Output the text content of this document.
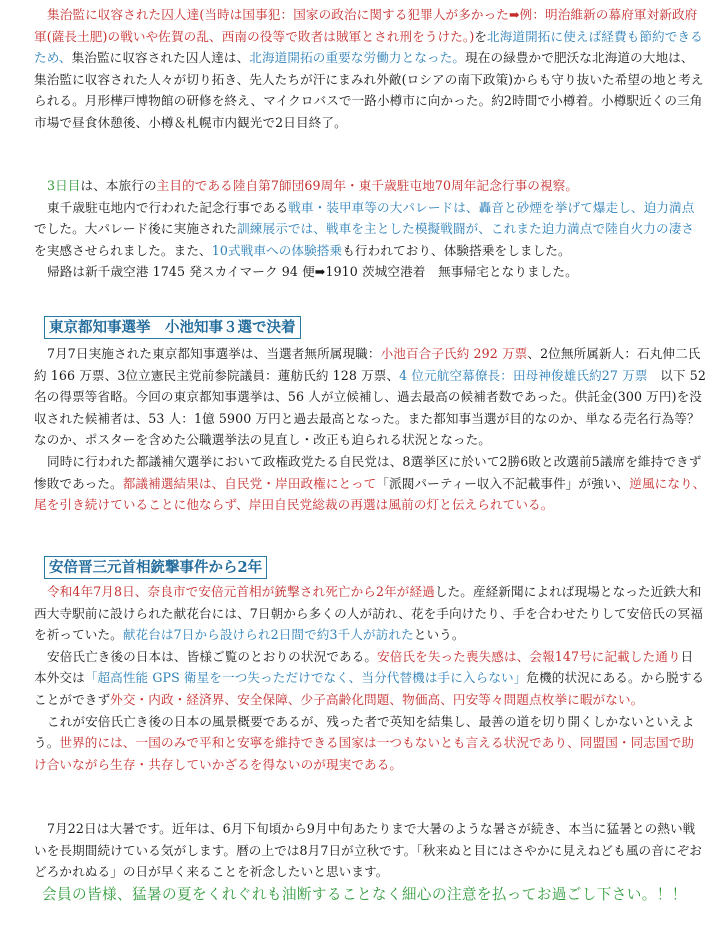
集治監に収容された囚人達(当時は国事犯：国家の政治に関する犯罪人が多かった➡例：明治維新の幕府軍対新政府軍(薩長土肥)の戦いや佐賀の乱、西南の役等で敗者は賊軍とされ刑をうけた。)を北海道開拓に使えば経費も節約できるため、集治監に収容された囚人達は、北海道開拓の重要な労働力となった。現在の緑豊かで肥沃な北海道の大地は、集治監に収容された人々が切り拓き、先人たちが汗にまみれ外敵(ロシアの南下政策)からも守り抜いた希望の地と考えられる。月形樺戸博物館の研修を終え、マイクロバスで一路小樽市に向かった。約2時間で小樽着。小樽駅近くの三角市場で昼食休憩後、小樽＆札幌市内観光で2日目終了。

3日目は、本旅行の主目的である陸自第7師団69周年・東千歳駐屯地70周年記念行事の視察。

東千歳駐屯地内で行われた記念行事である戦車・装甲車等の大パレードは、轟音と砂煙を挙げて爆走し、迫力満点でした。大パレード後に実施された訓練展示では、戦車を主とした模擬戦闘が、これまた迫力満点で陸自火力の凄さを実感させられました。また、10式戦車への体験搭乗も行われており、体験搭乗をしました。

帰路は新千歳空港 1745 発スカイマーク 94 便➡1910 茨城空港着　無事帰宅となりました。

東京都知事選挙　小池知事３選で決着

7月7日実施された東京都知事選挙は、当選者無所属現職：小池百合子氏約 292 万票、2位無所属新人：石丸伸二氏約 166 万票、3位立憲民主党前参院議員：蓮舫氏約 128 万票、4 位元航空幕僚長：田母神俊雄氏約27 万票　以下 52 名の得票等省略。今回の東京都知事選挙は、56 人が立候補し、過去最高の候補者数であった。供託金(300 万円)を没収された候補者は、53 人：1億 5900 万円と過去最高となった。また都知事当選が目的なのか、単なる売名行為等？なのか、ポスターを含めた公職選挙法の見直し・改正も迫られる状況となった。

同時に行われた都議補欠選挙において政権政党たる自民党は、8選挙区に於いて2勝6敗と改選前5議席を維持できず惨敗であった。都議補選結果は、自民党・岸田政権にとって「派閥パーティー収入不記載事件」が強い、逆風になり、尾を引き続けていることに他ならず、岸田自民党総裁の再選は風前の灯と伝えられている。

安倍晋三元首相銃撃事件から2年

令和4年7月8日、奈良市で安倍元首相が銃撃され死亡から2年が経過した。産経新聞によれば現場となった近鉄大和西大寺駅前に設けられた献花台には、7日朝から多くの人が訪れ、花を手向けたり、手を合わせたりして安倍氏の冥福を祈っていた。献花台は7日から設けられ2日間で約3千人が訪れたという。

安倍氏亡き後の日本は、皆様ご覧のとおりの状況である。安倍氏を失った喪失感は、会報147号に記載した通り日本外交は「超高性能 GPS 衛星を一つ失っただけでなく、当分代替機は手に入らない」危機的状況にある。から脱することができず外交・内政・経済界、安全保障、少子高齢化問題、物価高、円安等々問題点枚挙に暇がない。

これが安倍氏亡き後の日本の風景概要であるが、残った者で英知を結集し、最善の道を切り開くしかないといえよう。世界的には、一国のみで平和と安寧を維持できる国家は一つもないとも言える状況であり、同盟国・同志国で助け合いながら生存・共存していかざるを得ないのが現実である。

7月22日は大暑です。近年は、6月下旬頃から9月中旬あたりまで大暑のような暑さが続き、本当に猛暑との熱い戦いを長期間続けている気がします。暦の上では8月7日が立秋です。「秋来ぬと目にはさやかに見えねども風の音にぞおどろかれぬる」の日が早く来ることを祈念したいと思います。

会員の皆様、猛暑の夏をくれぐれも油断することなく細心の注意を払ってお過ごし下さい。！！
